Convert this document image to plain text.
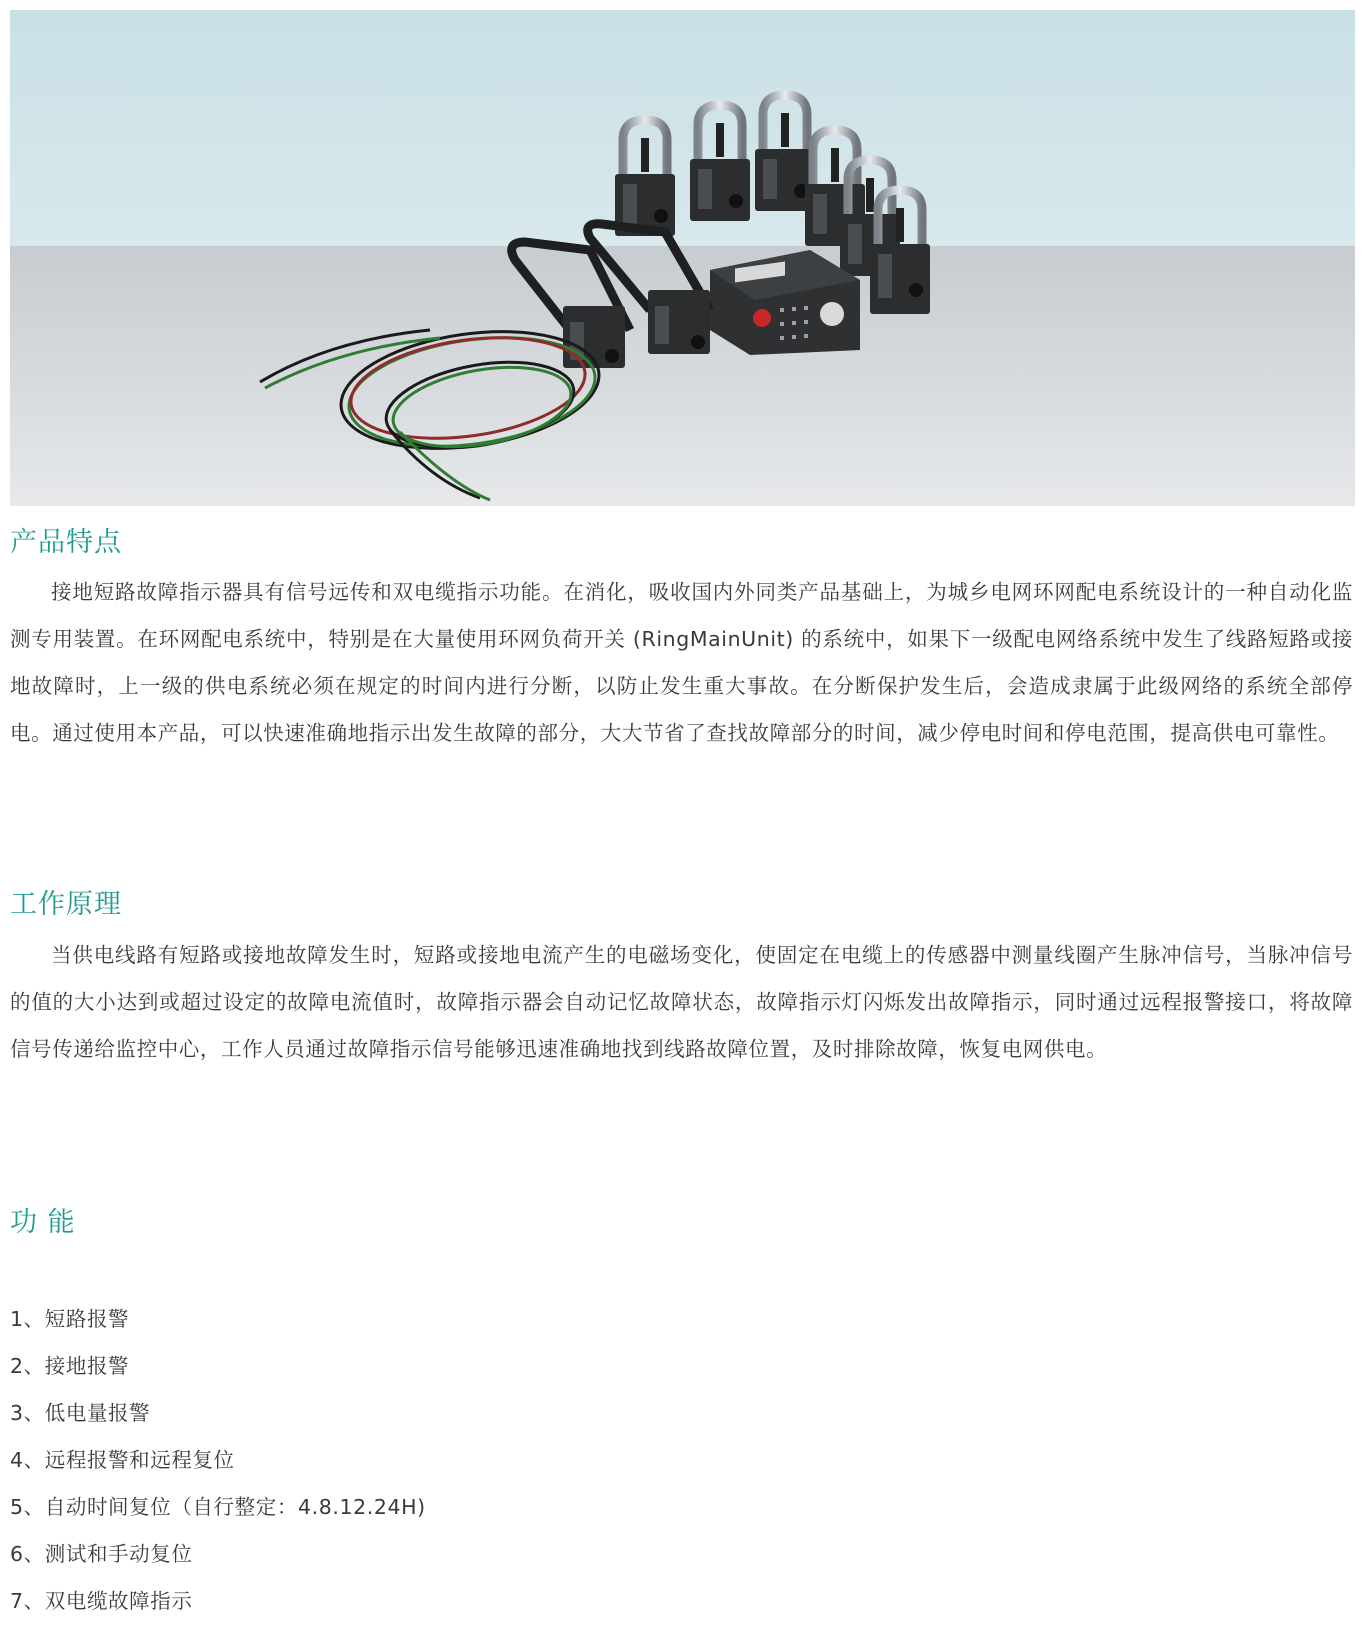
产品特点

接地短路故障指示器具有信号远传和双电缆指示功能。在消化，吸收国内外同类产品基础上，为城乡电网环网配电系统设计的一种自动化监测专用装置。在环网配电系统中，特别是在大量使用环网负荷开关 (RingMainUnit) 的系统中，如果下一级配电网络系统中发生了线路短路或接地故障时，上一级的供电系统必须在规定的时间内进行分断，以防止发生重大事故。在分断保护发生后，会造成隶属于此级网络的系统全部停电。通过使用本产品，可以快速准确地指示出发生故障的部分，大大节省了查找故障部分的时间，减少停电时间和停电范围，提高供电可靠性。

工作原理

当供电线路有短路或接地故障发生时，短路或接地电流产生的电磁场变化，使固定在电缆上的传感器中测量线圈产生脉冲信号，当脉冲信号的值的大小达到或超过设定的故障电流值时，故障指示器会自动记忆故障状态，故障指示灯闪烁发出故障指示，同时通过远程报警接口，将故障信号传递给监控中心，工作人员通过故障指示信号能够迅速准确地找到线路故障位置，及时排除故障，恢复电网供电。

功 能
1、短路报警
2、接地报警
3、低电量报警
4、远程报警和远程复位
5、自动时间复位（自行整定：4.8.12.24H)
6、测试和手动复位
7、双电缆故障指示
